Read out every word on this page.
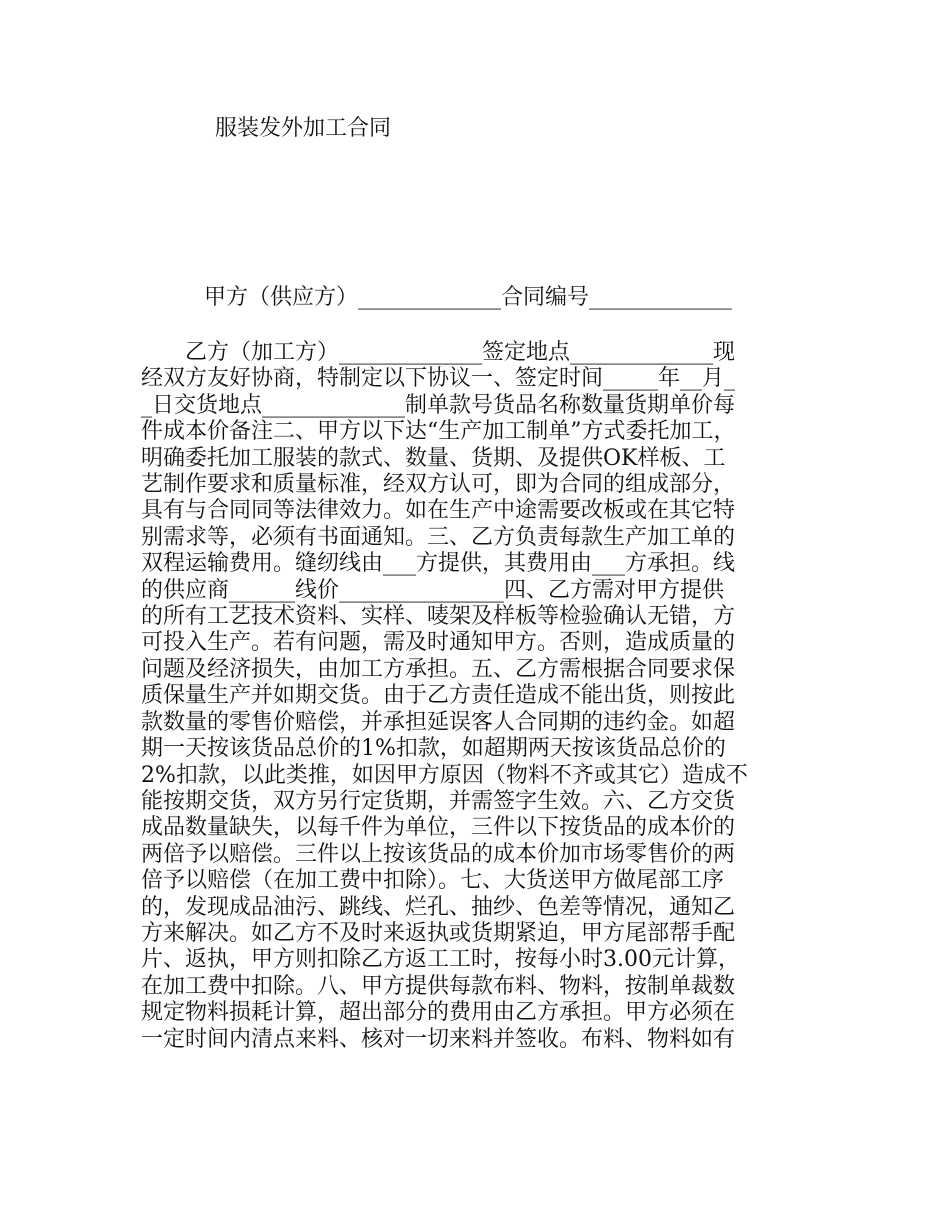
服装发外加工合同
甲方（供应方）_____________合同编号_____________
　　乙方（加工方）_____________签定地点_____________现
经双方友好协商，特制定以下协议一、签定时间_____年__月_
_日交货地点_____________制单款号货品名称数量货期单价每
件成本价备注二、甲方以下达“生产加工制单”方式委托加工，
明确委托加工服装的款式、数量、货期、及提供OK样板、工
艺制作要求和质量标准，经双方认可，即为合同的组成部分，
具有与合同同等法律效力。如在生产中途需要改板或在其它特
别需求等，必须有书面通知。三、乙方负责每款生产加工单的
双程运输费用。缝纫线由___方提供，其费用由___方承担。线
的供应商______线价_______________四、乙方需对甲方提供
的所有工艺技术资料、实样、唛架及样板等检验确认无错，方
可投入生产。若有问题，需及时通知甲方。否则，造成质量的
问题及经济损失，由加工方承担。五、乙方需根据合同要求保
质保量生产并如期交货。由于乙方责任造成不能出货，则按此
款数量的零售价赔偿，并承担延误客人合同期的违约金。如超
期一天按该货品总价的1%扣款，如超期两天按该货品总价的
2%扣款，以此类推，如因甲方原因（物料不齐或其它）造成不
能按期交货，双方另行定货期，并需签字生效。六、乙方交货
成品数量缺失，以每千件为单位，三件以下按货品的成本价的
两倍予以赔偿。三件以上按该货品的成本价加市场零售价的两
倍予以赔偿（在加工费中扣除）。七、大货送甲方做尾部工序
的，发现成品油污、跳线、烂孔、抽纱、色差等情况，通知乙
方来解决。如乙方不及时来返执或货期紧迫，甲方尾部帮手配
片、返执，甲方则扣除乙方返工工时，按每小时3.00元计算，
在加工费中扣除。八、甲方提供每款布料、物料，按制单裁数
规定物料损耗计算，超出部分的费用由乙方承担。甲方必须在
一定时间内清点来料、核对一切来料并签收。布料、物料如有
